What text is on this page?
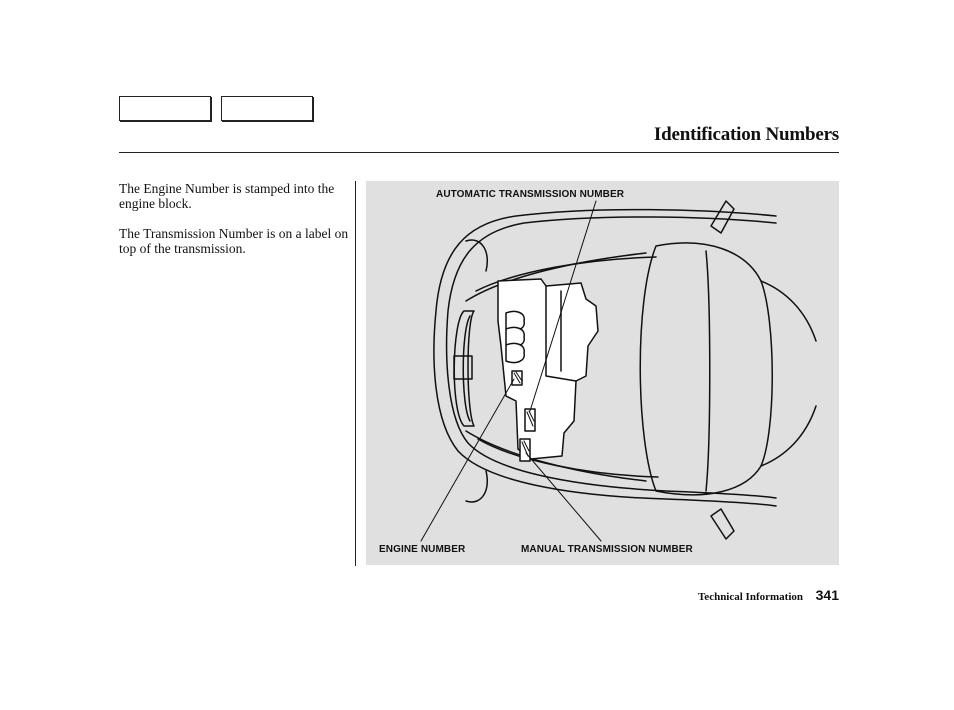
Identification Numbers
The Engine Number is stamped into the engine block.
The Transmission Number is on a label on top of the transmission.
AUTOMATIC TRANSMISSION NUMBER
ENGINE NUMBER	MANUAL TRANSMISSION NUMBER
Technical Information 341
